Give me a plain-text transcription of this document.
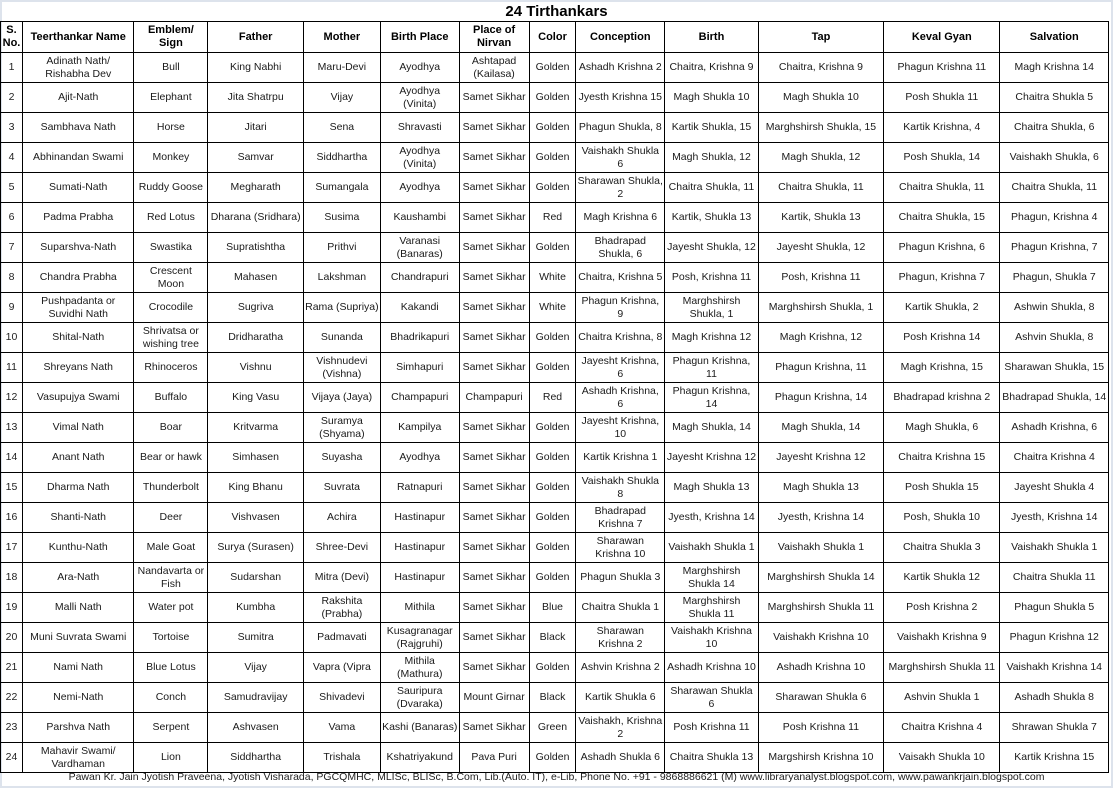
24 Tirthankars
S. No.	Teerthankar Name	Emblem/ Sign	Father	Mother	Birth Place	Place of Nirvan	Color	Conception	Birth	Tap	Keval Gyan	Salvation
1	Adinath Nath/ Rishabha Dev	Bull	King Nabhi	Maru-Devi	Ayodhya	Ashtapad (Kailasa)	Golden	Ashadh Krishna 2	Chaitra, Krishna 9	Chaitra, Krishna 9	Phagun Krishna 11	Magh Krishna 14
2	Ajit-Nath	Elephant	Jita Shatrpu	Vijay	Ayodhya (Vinita)	Samet Sikhar	Golden	Jyesth Krishna 15	Magh Shukla 10	Magh Shukla 10	Posh Shukla 11	Chaitra Shukla 5
3	Sambhava Nath	Horse	Jitari	Sena	Shravasti	Samet Sikhar	Golden	Phagun Shukla, 8	Kartik Shukla, 15	Marghshirsh Shukla, 15	Kartik Krishna, 4	Chaitra Shukla, 6
4	Abhinandan Swami	Monkey	Samvar	Siddhartha	Ayodhya (Vinita)	Samet Sikhar	Golden	Vaishakh Shukla 6	Magh Shukla, 12	Magh Shukla, 12	Posh Shukla, 14	Vaishakh Shukla, 6
5	Sumati-Nath	Ruddy Goose	Megharath	Sumangala	Ayodhya	Samet Sikhar	Golden	Sharawan Shukla, 2	Chaitra Shukla, 11	Chaitra Shukla, 11	Chaitra Shukla, 11	Chaitra Shukla, 11
6	Padma Prabha	Red Lotus	Dharana (Sridhara)	Susima	Kaushambi	Samet Sikhar	Red	Magh Krishna 6	Kartik, Shukla 13	Kartik, Shukla 13	Chaitra Shukla, 15	Phagun, Krishna 4
7	Suparshva-Nath	Swastika	Supratishtha	Prithvi	Varanasi (Banaras)	Samet Sikhar	Golden	Bhadrapad Shukla, 6	Jayesht Shukla, 12	Jayesht Shukla, 12	Phagun Krishna, 6	Phagun Krishna, 7
8	Chandra Prabha	Crescent Moon	Mahasen	Lakshman	Chandrapuri	Samet Sikhar	White	Chaitra, Krishna 5	Posh, Krishna 11	Posh, Krishna 11	Phagun, Krishna 7	Phagun, Shukla 7
9	Pushpadanta or Suvidhi Nath	Crocodile	Sugriva	Rama (Supriya)	Kakandi	Samet Sikhar	White	Phagun Krishna, 9	Marghshirsh Shukla, 1	Marghshirsh Shukla, 1	Kartik Shukla, 2	Ashwin Shukla, 8
10	Shital-Nath	Shrivatsa or wishing tree	Dridharatha	Sunanda	Bhadrikapuri	Samet Sikhar	Golden	Chaitra Krishna, 8	Magh Krishna 12	Magh Krishna, 12	Posh Krishna 14	Ashvin Shukla, 8
11	Shreyans Nath	Rhinoceros	Vishnu	Vishnudevi (Vishna)	Simhapuri	Samet Sikhar	Golden	Jayesht Krishna, 6	Phagun Krishna, 11	Phagun Krishna, 11	Magh Krishna, 15	Sharawan Shukla, 15
12	Vasupujya Swami	Buffalo	King Vasu	Vijaya (Jaya)	Champapuri	Champapuri	Red	Ashadh Krishna, 6	Phagun Krishna, 14	Phagun Krishna, 14	Bhadrapad krishna 2	Bhadrapad Shukla, 14
13	Vimal Nath	Boar	Kritvarma	Suramya (Shyama)	Kampilya	Samet Sikhar	Golden	Jayesht Krishna, 10	Magh Shukla, 14	Magh Shukla, 14	Magh Shukla, 6	Ashadh Krishna, 6
14	Anant Nath	Bear or hawk	Simhasen	Suyasha	Ayodhya	Samet Sikhar	Golden	Kartik Krishna 1	Jayesht Krishna 12	Jayesht Krishna 12	Chaitra Krishna 15	Chaitra Krishna 4
15	Dharma Nath	Thunderbolt	King Bhanu	Suvrata	Ratnapuri	Samet Sikhar	Golden	Vaishakh Shukla 8	Magh Shukla 13	Magh Shukla 13	Posh Shukla 15	Jayesht Shukla 4
16	Shanti-Nath	Deer	Vishvasen	Achira	Hastinapur	Samet Sikhar	Golden	Bhadrapad Krishna 7	Jyesth, Krishna 14	Jyesth, Krishna 14	Posh, Shukla 10	Jyesth, Krishna 14
17	Kunthu-Nath	Male Goat	Surya (Surasen)	Shree-Devi	Hastinapur	Samet Sikhar	Golden	Sharawan Krishna 10	Vaishakh Shukla 1	Vaishakh Shukla 1	Chaitra Shukla 3	Vaishakh Shukla 1
18	Ara-Nath	Nandavarta or Fish	Sudarshan	Mitra (Devi)	Hastinapur	Samet Sikhar	Golden	Phagun Shukla 3	Marghshirsh Shukla 14	Marghshirsh Shukla 14	Kartik Shukla 12	Chaitra Shukla 11
19	Malli Nath	Water pot	Kumbha	Rakshita (Prabha)	Mithila	Samet Sikhar	Blue	Chaitra Shukla 1	Marghshirsh Shukla 11	Marghshirsh Shukla 11	Posh Krishna 2	Phagun Shukla 5
20	Muni Suvrata Swami	Tortoise	Sumitra	Padmavati	Kusagranagar (Rajgruhi)	Samet Sikhar	Black	Sharawan Krishna 2	Vaishakh Krishna 10	Vaishakh Krishna 10	Vaishakh Krishna 9	Phagun Krishna 12
21	Nami Nath	Blue Lotus	Vijay	Vapra (Vipra	Mithila (Mathura)	Samet Sikhar	Golden	Ashvin Krishna 2	Ashadh Krishna 10	Ashadh Krishna 10	Marghshirsh Shukla 11	Vaishakh Krishna 14
22	Nemi-Nath	Conch	Samudravijay	Shivadevi	Sauripura (Dvaraka)	Mount Girnar	Black	Kartik Shukla 6	Sharawan Shukla 6	Sharawan Shukla 6	Ashvin Shukla 1	Ashadh Shukla 8
23	Parshva Nath	Serpent	Ashvasen	Vama	Kashi (Banaras)	Samet Sikhar	Green	Vaishakh, Krishna 2	Posh Krishna 11	Posh Krishna 11	Chaitra Krishna 4	Shrawan Shukla 7
24	Mahavir Swami/ Vardhaman	Lion	Siddhartha	Trishala	Kshatriyakund	Pava Puri	Golden	Ashadh Shukla 6	Chaitra Shukla 13	Margshirsh Krishna 10	Vaisakh Shukla 10	Kartik Krishna 15
Pawan Kr. Jain Jyotish Praveena, Jyotish Visharada, PGCQMHC, MLISc, BLISc, B.Com, Lib.(Auto. IT), e-Lib, Phone No. +91 - 9868886621 (M) www.libraryanalyst.blogspot.com, www.pawankrjain.blogspot.com
